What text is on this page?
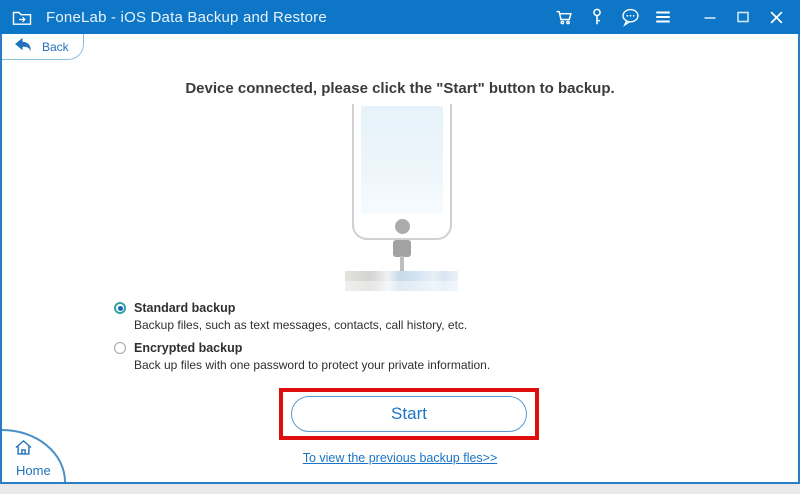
FoneLab - iOS Data Backup and Restore
Back
Device connected, please click the "Start" button to backup.
Standard backup
Backup files, such as text messages, contacts, call history, etc.
Encrypted backup
Back up files with one password to protect your private information.
Start
To view the previous backup fles>>
Home
